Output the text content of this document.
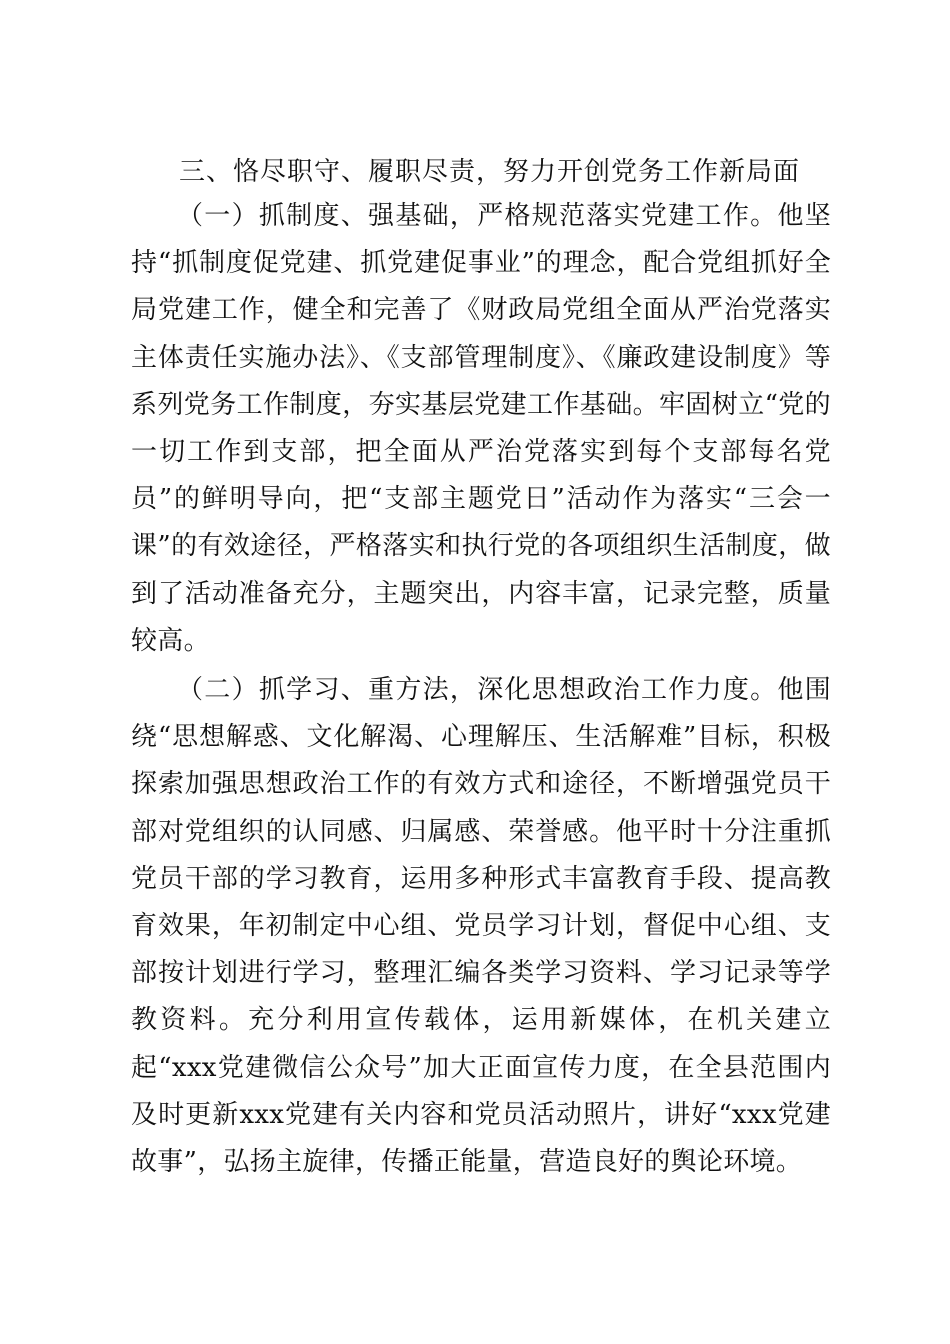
三、恪尽职守、履职尽责，努力开创党务工作新局面

（一）抓制度、强基础，严格规范落实党建工作。他坚持“抓制度促党建、抓党建促事业”的理念，配合党组抓好全局党建工作，健全和完善了《财政局党组全面从严治党落实主体责任实施办法》、《支部管理制度》、《廉政建设制度》等系列党务工作制度，夯实基层党建工作基础。牢固树立“党的一切工作到支部，把全面从严治党落实到每个支部每名党员”的鲜明导向，把“支部主题党日”活动作为落实“三会一课”的有效途径，严格落实和执行党的各项组织生活制度，做到了活动准备充分，主题突出，内容丰富，记录完整，质量较高。

（二）抓学习、重方法，深化思想政治工作力度。他围绕“思想解惑、文化解渴、心理解压、生活解难”目标，积极探索加强思想政治工作的有效方式和途径，不断增强党员干部对党组织的认同感、归属感、荣誉感。他平时十分注重抓党员干部的学习教育，运用多种形式丰富教育手段、提高教育效果，年初制定中心组、党员学习计划，督促中心组、支部按计划进行学习，整理汇编各类学习资料、学习记录等学教资料。充分利用宣传载体，运用新媒体，在机关建立起“xxx党建微信公众号”加大正面宣传力度，在全县范围内及时更新xxx党建有关内容和党员活动照片，讲好“xxx党建故事”，弘扬主旋律，传播正能量，营造良好的舆论环境。
